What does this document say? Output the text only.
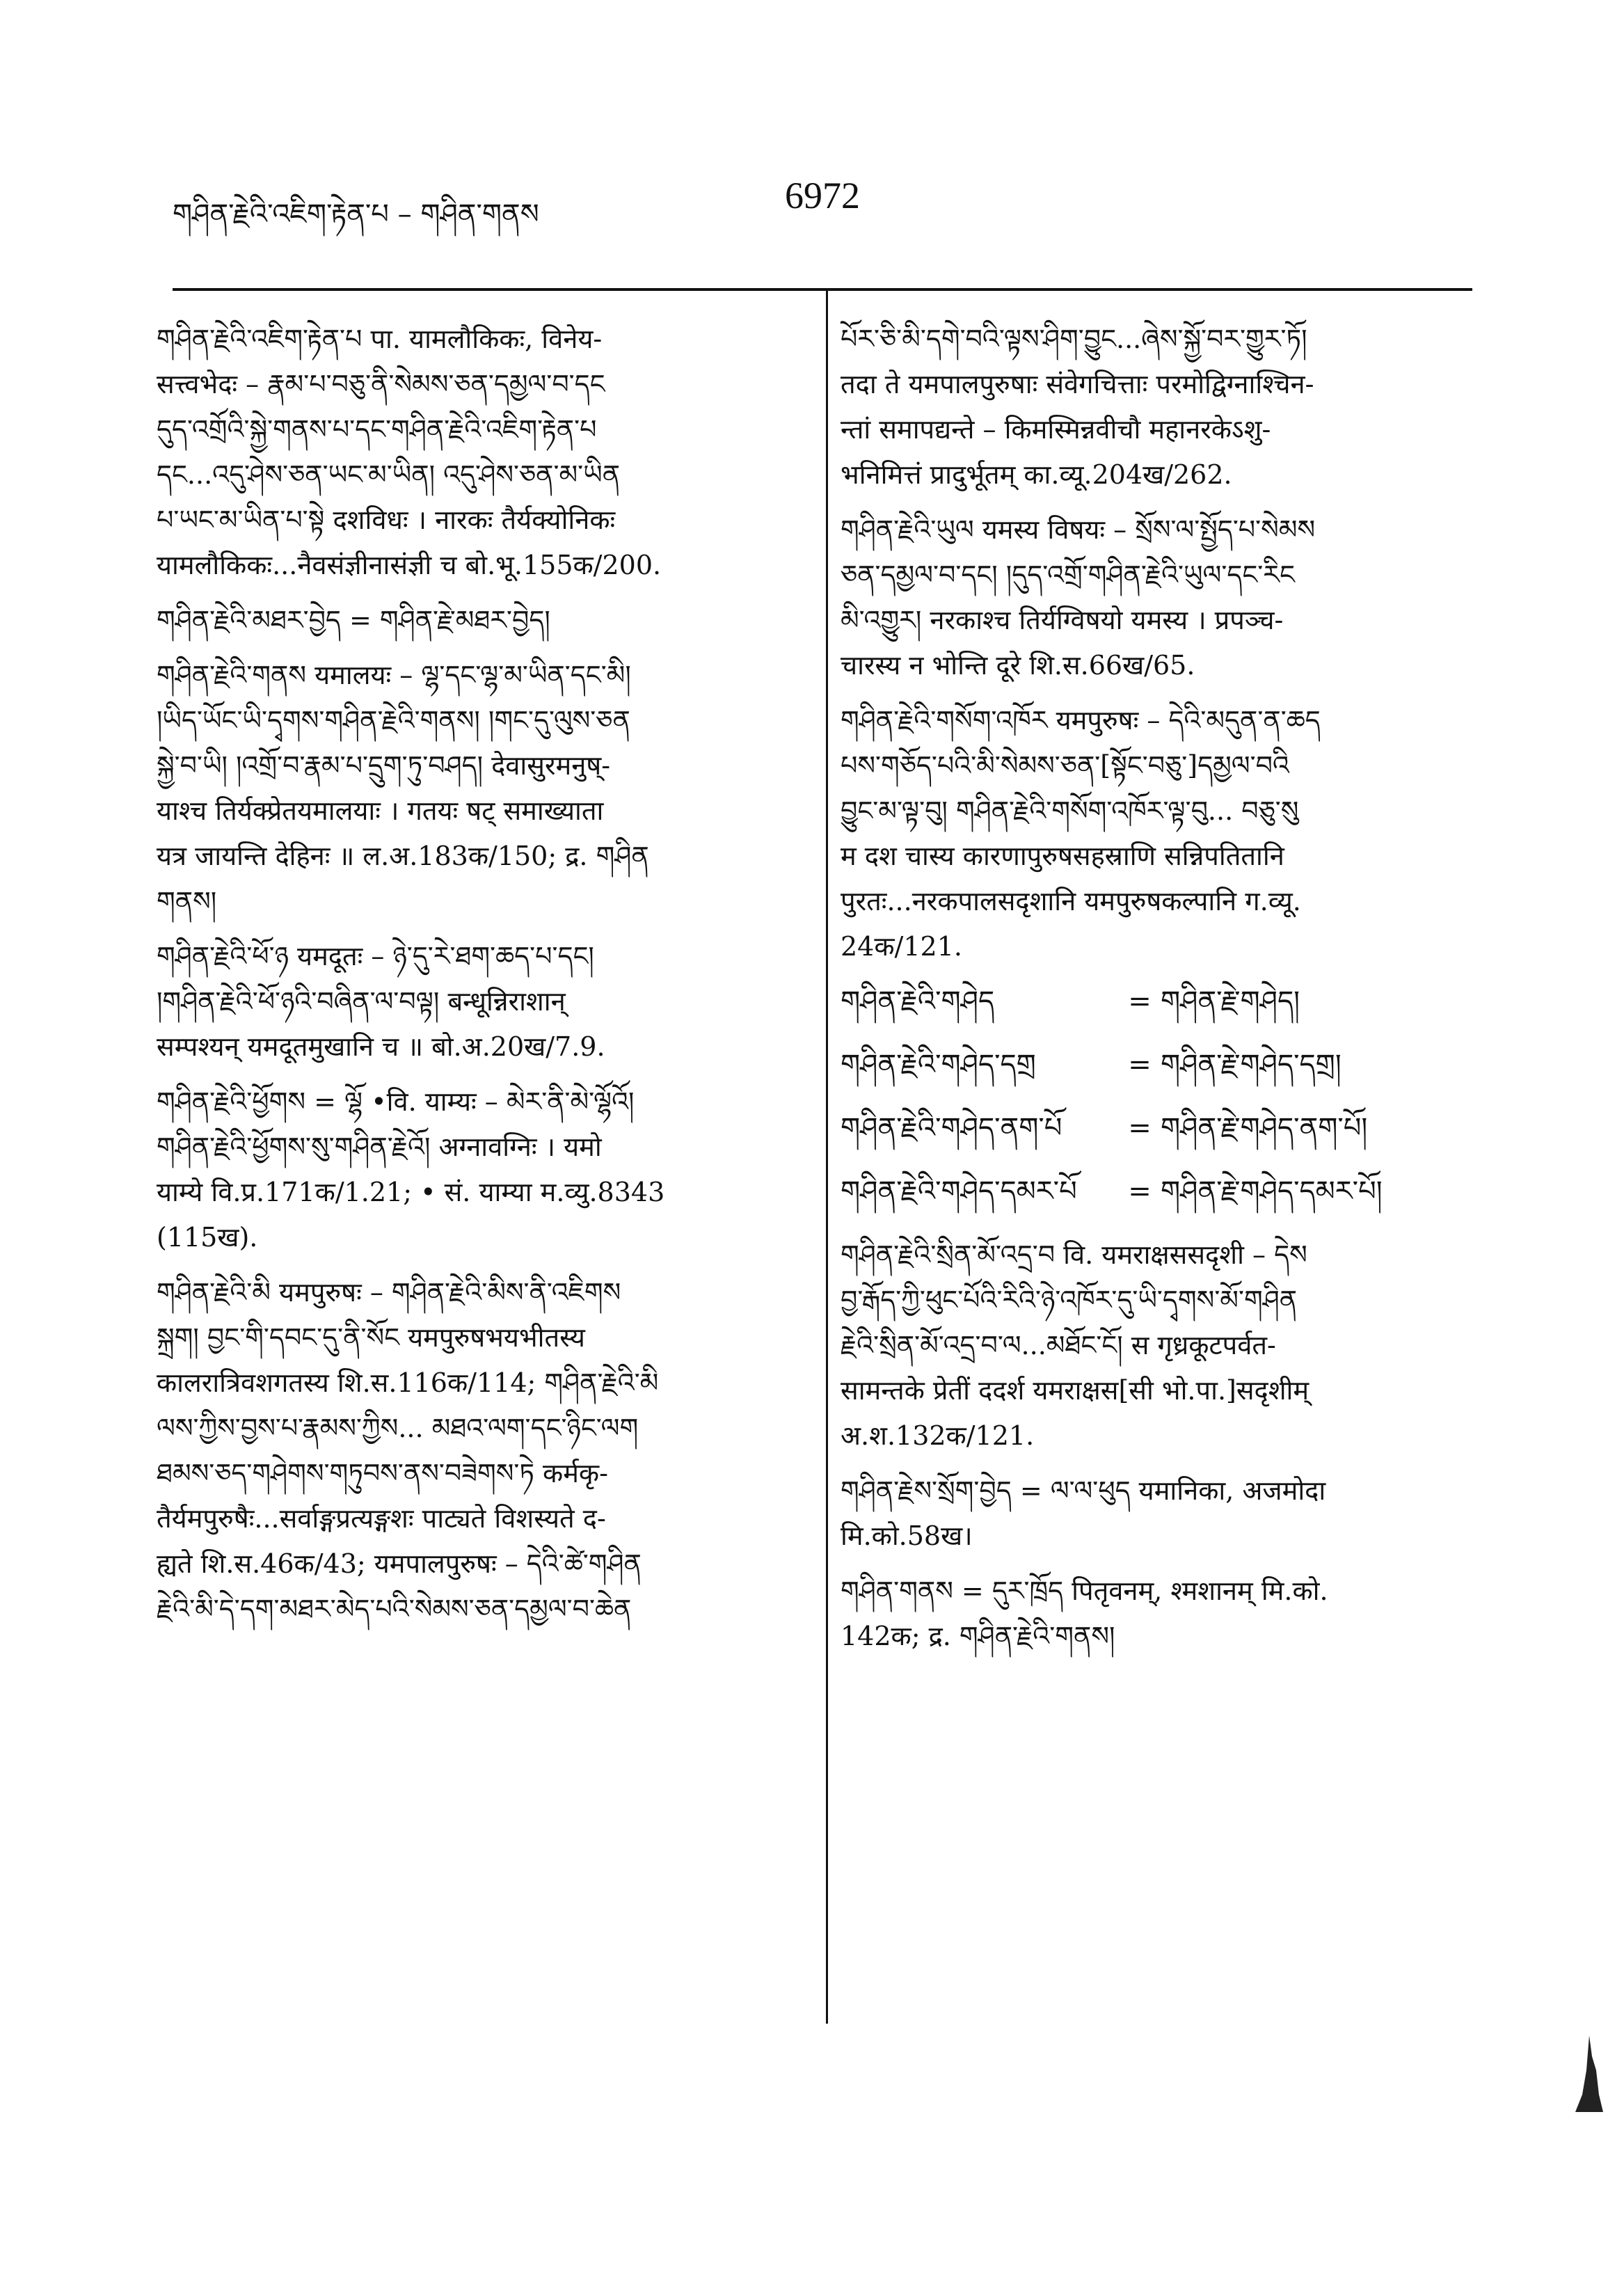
གཤིན་རྗེའི་འཇིག་རྟེན་པ – གཤིན་གནས	6972
གཤིན་རྗེའི་འཇིག་རྟེན་པ पा. यामलौकिकः, विनेय-
सत्त्वभेदः – རྣམ་པ་བཅུ་ནི་སེམས་ཅན་དམྱལ་བ་དང
དུད་འགྲོའི་སྐྱེ་གནས་པ་དང་གཤིན་རྗེའི་འཇིག་རྟེན་པ
དང...འདུ་ཤེས་ཅན་ཡང་མ་ཡིན། འདུ་ཤེས་ཅན་མ་ཡིན
པ་ཡང་མ་ཡིན་པ་སྟེ दशविधः । नारकः तैर्यक्योनिकः
यामलौकिकः...नैवसंज्ञीनासंज्ञी च बो.भू.155क/200.
གཤིན་རྗེའི་མཐར་བྱེད = གཤིན་རྗེ་མཐར་བྱེད།
གཤིན་རྗེའི་གནས यमालयः – ལྷ་དང་ལྷ་མ་ཡིན་དང་མི།
།ཡིད་ཡོང་ཡི་དྭགས་གཤིན་རྗེའི་གནས། །གང་དུ་ལུས་ཅན
སྐྱེ་བ་ཡི། །འགྲོ་བ་རྣམ་པ་དྲུག་ཏུ་བཤད། देवासुरमनुष्-
याश्च तिर्यक्प्रेतयमालयाः । गतयः षट् समाख्याता
यत्र जायन्ति देहिनः ॥ ल.अ.183क/150; द्र. གཤིན
གནས།
གཤིན་རྗེའི་ཕོ་ཉ यमदूतः – ཉེ་དུ་རེ་ཐག་ཆད་པ་དང།
།གཤིན་རྗེའི་ཕོ་ཉའི་བཞིན་ལ་བལྟ། बन्धून्निराशान्
सम्पश्यन् यमदूतमुखानि च ॥ बो.अ.20ख/7.9.
གཤིན་རྗེའི་ཕྱོགས = ལྷོ •वि. याम्यः – མེར་ནི་མེ་ལྷོའོ།
གཤིན་རྗེའི་ཕྱོགས་སུ་གཤིན་རྗེའོ། अग्नावग्निः । यमो
याम्ये वि.प्र.171क/1.21; • सं. याम्या म.व्यु.8343
(115ख).
གཤིན་རྗེའི་མི यमपुरुषः – གཤིན་རྗེའི་མིས་ནི་འཇིགས
སྐྲག། བྱང་གི་དབང་དུ་ནི་སོང यमपुरुषभयभीतस्य
कालरात्रिवशगतस्य शि.स.116क/114; གཤིན་རྗེའི་མི
ལས་ཀྱིས་བྱས་པ་རྣམས་ཀྱིས... མཐའ་ལག་དང་ཉིང་ལག
ཐམས་ཅད་གཤེགས་གཏུབས་ནས་བཟེགས་ཏེ कर्मकृ-
तैर्यमपुरुषैः...सर्वाङ्गप्रत्यङ्गशः पाट्यते विशस्यते द-
ह्यते शि.स.46क/43; यमपालपुरुषः – དེའི་ཚེ་གཤིན
རྗེའི་མི་དེ་དག་མཐར་མེད་པའི་སེམས་ཅན་དམྱལ་བ་ཆེན
པོར་ཅི་མི་དགེ་བའི་ལྟས་ཤིག་བྱུང...ཞེས་སྐྱོ་བར་གྱུར་ཏོ།
तदा ते यमपालपुरुषाः संवेगचित्ताः परमोद्विग्नाश्चिन-
न्तां समापद्यन्ते – किमस्मिन्नवीचौ महानरकेऽशु-
भनिमित्तं प्रादुर्भूतम् का.व्यू.204ख/262.
གཤིན་རྗེའི་ཡུལ यमस्य विषयः – སྲོས་ལ་སྤྱོད་པ་སེམས
ཅན་དམྱལ་བ་དང། །དུད་འགྲོ་གཤིན་རྗེའི་ཡུལ་དང་རིང
མི་འགྱུར། नरकाश्च तिर्यग्विषयो यमस्य । प्रपञ्च-
चारस्य न भोन्ति दूरे शि.स.66ख/65.
གཤིན་རྗེའི་གསོག་འཁོར यमपुरुषः – དེའི་མདུན་ན་ཆད
པས་གཅོད་པའི་མི་སེམས་ཅན་[སྟོང་བཅུ་]དམྱལ་བའི
བྱུང་མ་ལྟ་བུ། གཤིན་རྗེའི་གསོག་འཁོར་ལྟ་བུ... བཅུ་སུ
म दश चास्य कारणापुरुषसहस्राणि सन्निपतितानि
पुरतः...नरकपालसदृशानि यमपुरुषकल्पानि ग.व्यू.
24क/121.
གཤིན་རྗེའི་གཤེད	= གཤིན་རྗེ་གཤེད།
གཤིན་རྗེའི་གཤེད་དགྲ	= གཤིན་རྗེ་གཤེད་དགྲ།
གཤིན་རྗེའི་གཤེད་ནག་པོ	= གཤིན་རྗེ་གཤེད་ནག་པོ།
གཤིན་རྗེའི་གཤེད་དམར་པོ	= གཤིན་རྗེ་གཤེད་དམར་པོ།
གཤིན་རྗེའི་སྲིན་མོ་འདྲ་བ वि. यमराक्षससदृशी – དེས
བྱ་རྒོད་ཀྱི་ཕུང་པོའི་རིའི་ཉེ་འཁོར་དུ་ཡི་དྭགས་མོ་གཤིན
རྗེའི་སྲིན་མོ་འདྲ་བ་ལ...མཐོང་ངོ། स गृध्रकूटपर्वत-
सामन्तके प्रेतीं ददर्श यमराक्षस[सी भो.पा.]सदृशीम्
अ.श.132क/121.
གཤིན་རྗེས་སྲོག་བྱེད = ལ་ལ་ཕུད यमानिका, अजमोदा
मि.को.58ख।
གཤིན་གནས = དུར་ཁྲོད पितृवनम्, श्मशानम् मि.को.
142क; द्र. གཤིན་རྗེའི་གནས།
